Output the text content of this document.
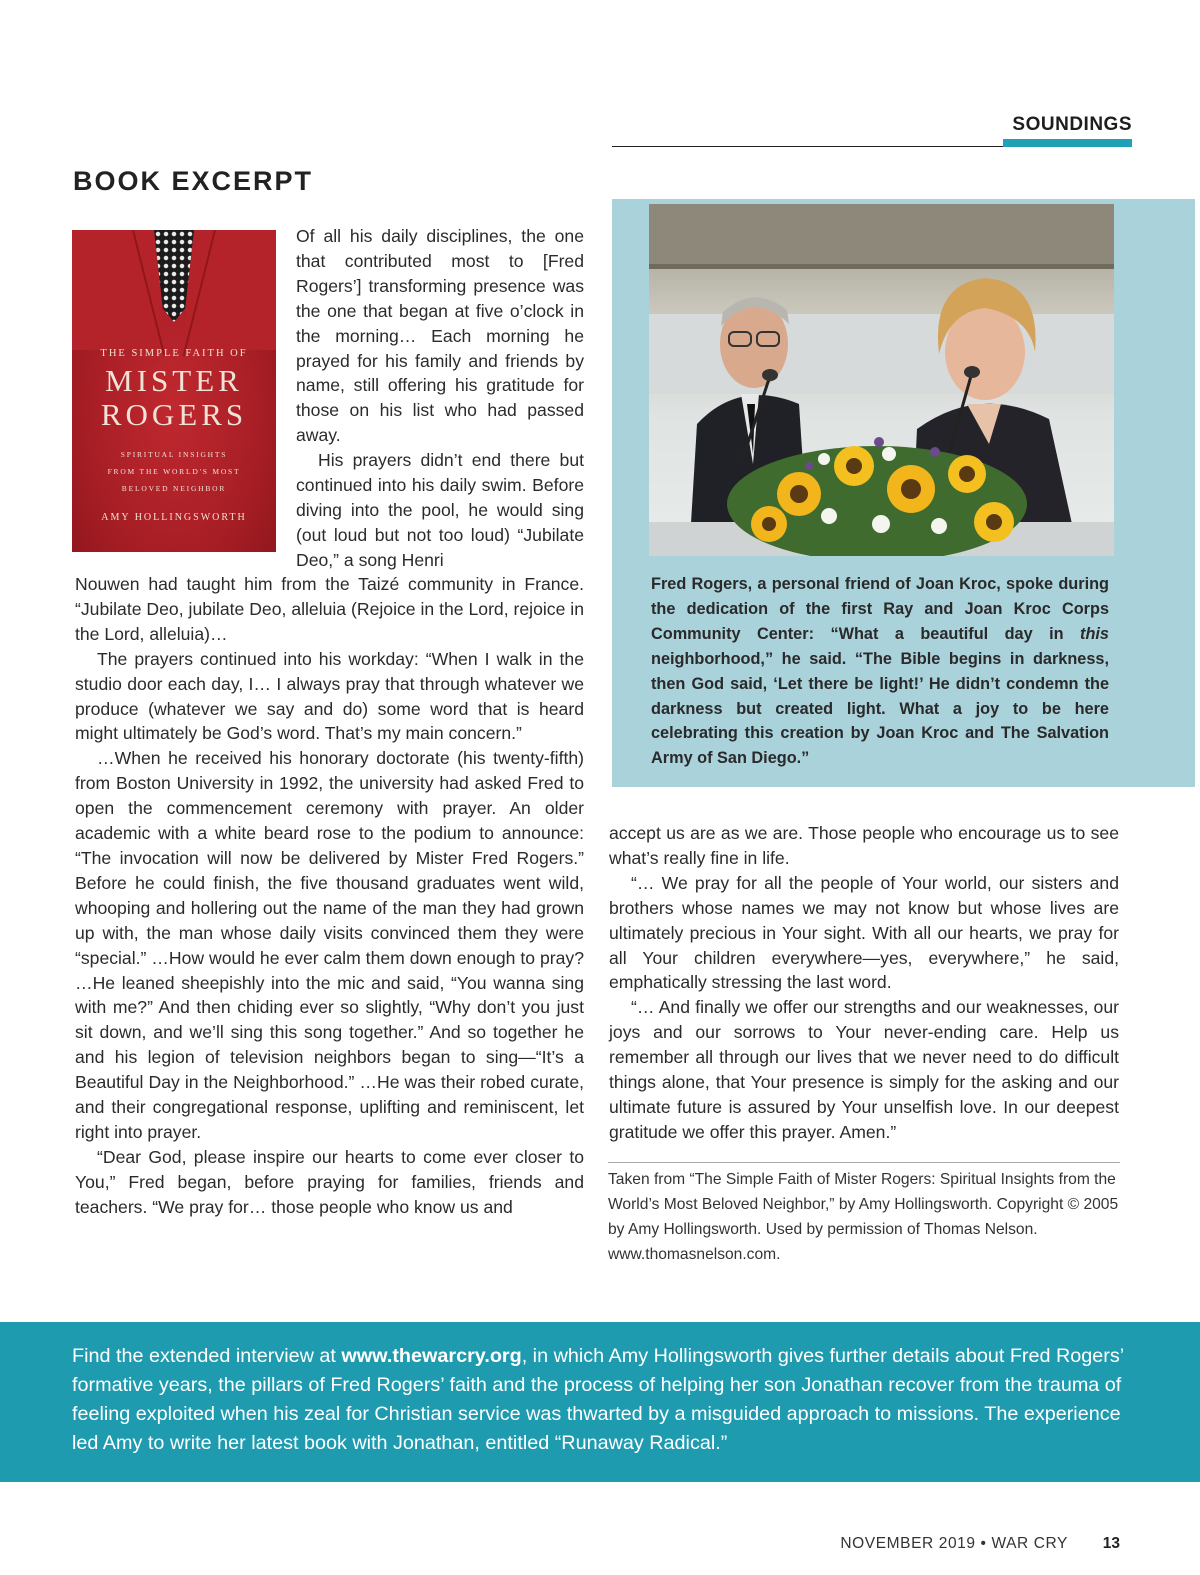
SOUNDINGS
BOOK EXCERPT
THE SIMPLE FAITH OF
MISTER
ROGERS
SPIRITUAL INSIGHTS
FROM THE WORLD'S MOST
BELOVED NEIGHBOR
AMY HOLLINGSWORTH

Of all his daily disciplines, the one that contributed most to [Fred Rogers’] transforming presence was the one that began at five o’clock in the morning… Each morning he prayed for his family and friends by name, still offering his gratitude for those on his list who had passed away.

His prayers didn’t end there but continued into his daily swim. Before diving into the pool, he would sing (out loud but not too loud) “Jubilate Deo,” a song Henri

Nouwen had taught him from the Taizé community in France. “Jubilate Deo, jubilate Deo, alleluia (Rejoice in the Lord, rejoice in the Lord, alleluia)…

The prayers continued into his workday: “When I walk in the studio door each day, I… I always pray that through whatever we produce (whatever we say and do) some word that is heard might ultimately be God’s word. That’s my main concern.”

…When he received his honorary doctorate (his twenty-fifth) from Boston University in 1992, the university had asked Fred to open the commencement ceremony with prayer. An older academic with a white beard rose to the podium to announce: “The invocation will now be delivered by Mister Fred Rogers.” Before he could finish, the five thousand graduates went wild, whooping and hollering out the name of the man they had grown up with, the man whose daily visits convinced them they were “special.” …How would he ever calm them down enough to pray? …He leaned sheepishly into the mic and said, “You wanna sing with me?” And then chiding ever so slightly, “Why don’t you just sit down, and we’ll sing this song together.” And so together he and his legion of television neighbors began to sing—“It’s a Beautiful Day in the Neighborhood.” …He was their robed curate, and their congregational response, uplifting and reminiscent, let right into prayer.

“Dear God, please inspire our hearts to come ever closer to You,” Fred began, before praying for families, friends and teachers. “We pray for… those people who know us and

accept us are as we are. Those people who encourage us to see what’s really fine in life.

“… We pray for all the people of Your world, our sisters and brothers whose names we may not know but whose lives are ultimately precious in Your sight. With all our hearts, we pray for all Your children everywhere—yes, everywhere,” he said, emphatically stressing the last word.

“… And finally we offer our strengths and our weaknesses, our joys and our sorrows to Your never-ending care. Help us remember all through our lives that we never need to do difficult things alone, that Your presence is simply for the asking and our ultimate future is assured by Your unselfish love. In our deepest gratitude we offer this prayer. Amen.”

Fred Rogers, a personal friend of Joan Kroc, spoke during the dedication of the first Ray and Joan Kroc Corps Community Center: “What a beautiful day in this neighborhood,” he said. “The Bible begins in darkness, then God said, ‘Let there be light!’ He didn’t condemn the darkness but created light. What a joy to be here celebrating this creation by Joan Kroc and The Salvation Army of San Diego.”

Taken from “The Simple Faith of Mister Rogers: Spiritual Insights from the World’s Most Beloved Neighbor,” by Amy Hollingsworth. Copyright © 2005 by Amy Hollingsworth. Used by permission of Thomas Nelson. www.thomasnelson.com.

Find the extended interview at www.thewarcry.org, in which Amy Hollingsworth gives further details about Fred Rogers’ formative years, the pillars of Fred Rogers’ faith and the process of helping her son Jonathan recover from the trauma of feeling exploited when his zeal for Christian service was thwarted by a misguided approach to missions. The experience led Amy to write her latest book with Jonathan, entitled “Runaway Radical.”

NOVEMBER 2019 • WAR CRY 13
